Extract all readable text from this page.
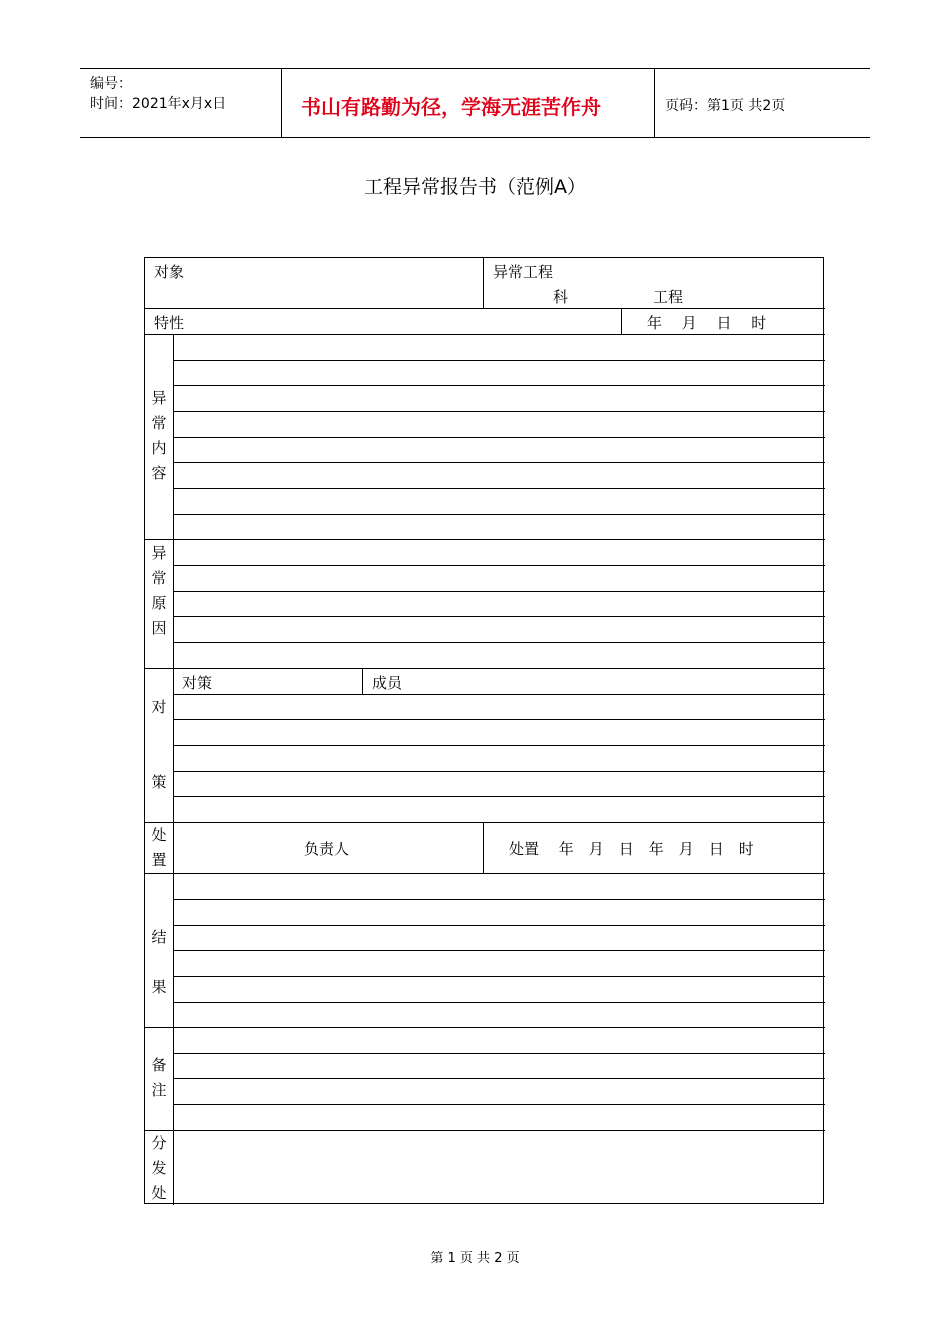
编号：
时间：2021年x月x日	书山有路勤为径，学海无涯苦作舟	页码：第1页 共2页
工程异常报告书（范例A）
对象	异常工程
科	工程
特性	年　 月　 日　 时
异
常
内
容
异
常
原
因
对策	成员
对
策
处
置
负责人	处置　 年　月　日　年　月　日　时
结
果
备
注
分
发
处
第 1 页 共 2 页
